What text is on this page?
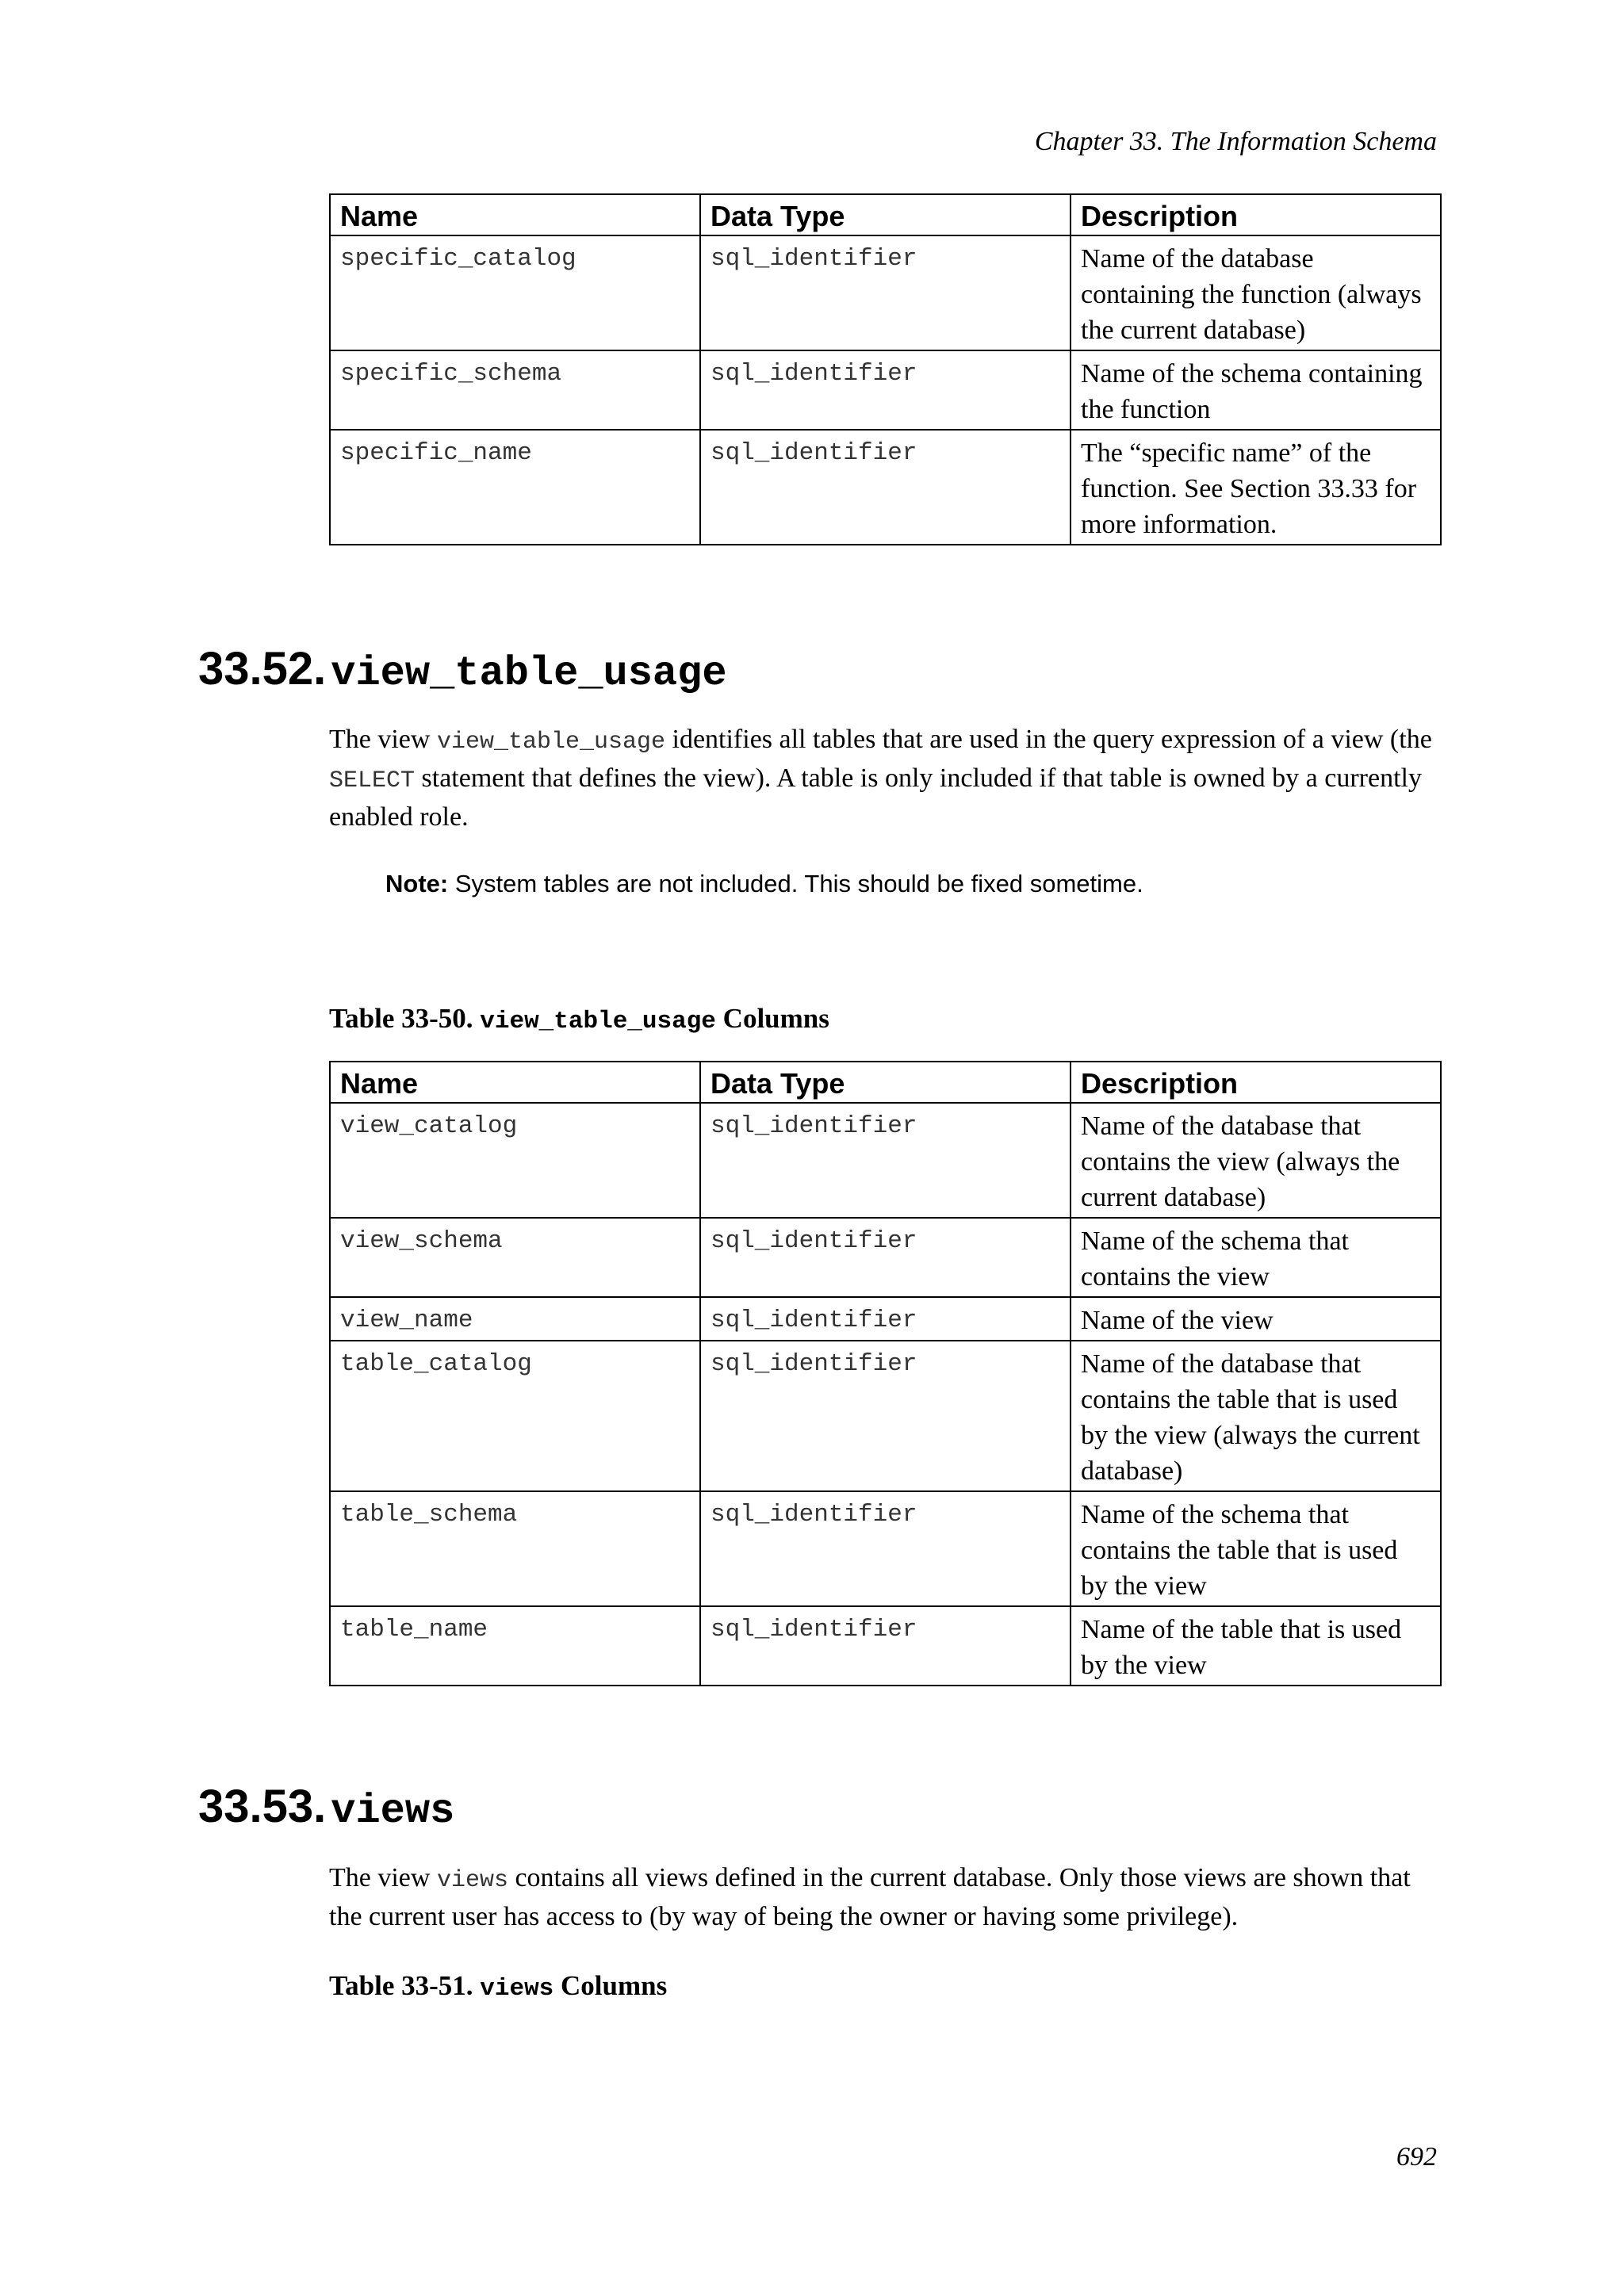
Chapter 33. The Information Schema
Name	Data Type	Description
specific_catalog	sql_identifier	Name of the database containing the function (always the current database)
specific_schema	sql_identifier	Name of the schema containing the function
specific_name	sql_identifier	The “specific name” of the function. See Section 33.33 for more information.
33.52. view_table_usage

The view view_table_usage identifies all tables that are used in the query expression of a view (the SELECT statement that defines the view). A table is only included if that table is owned by a currently enabled role.

Note: System tables are not included. This should be fixed sometime.

Table 33-50. view_table_usage Columns

Name	Data Type	Description
view_catalog	sql_identifier	Name of the database that contains the view (always the current database)
view_schema	sql_identifier	Name of the schema that contains the view
view_name	sql_identifier	Name of the view
table_catalog	sql_identifier	Name of the database that contains the table that is used by the view (always the current database)
table_schema	sql_identifier	Name of the schema that contains the table that is used by the view
table_name	sql_identifier	Name of the table that is used by the view
33.53. views

The view views contains all views defined in the current database. Only those views are shown that the current user has access to (by way of being the owner or having some privilege).

Table 33-51. views Columns

692
